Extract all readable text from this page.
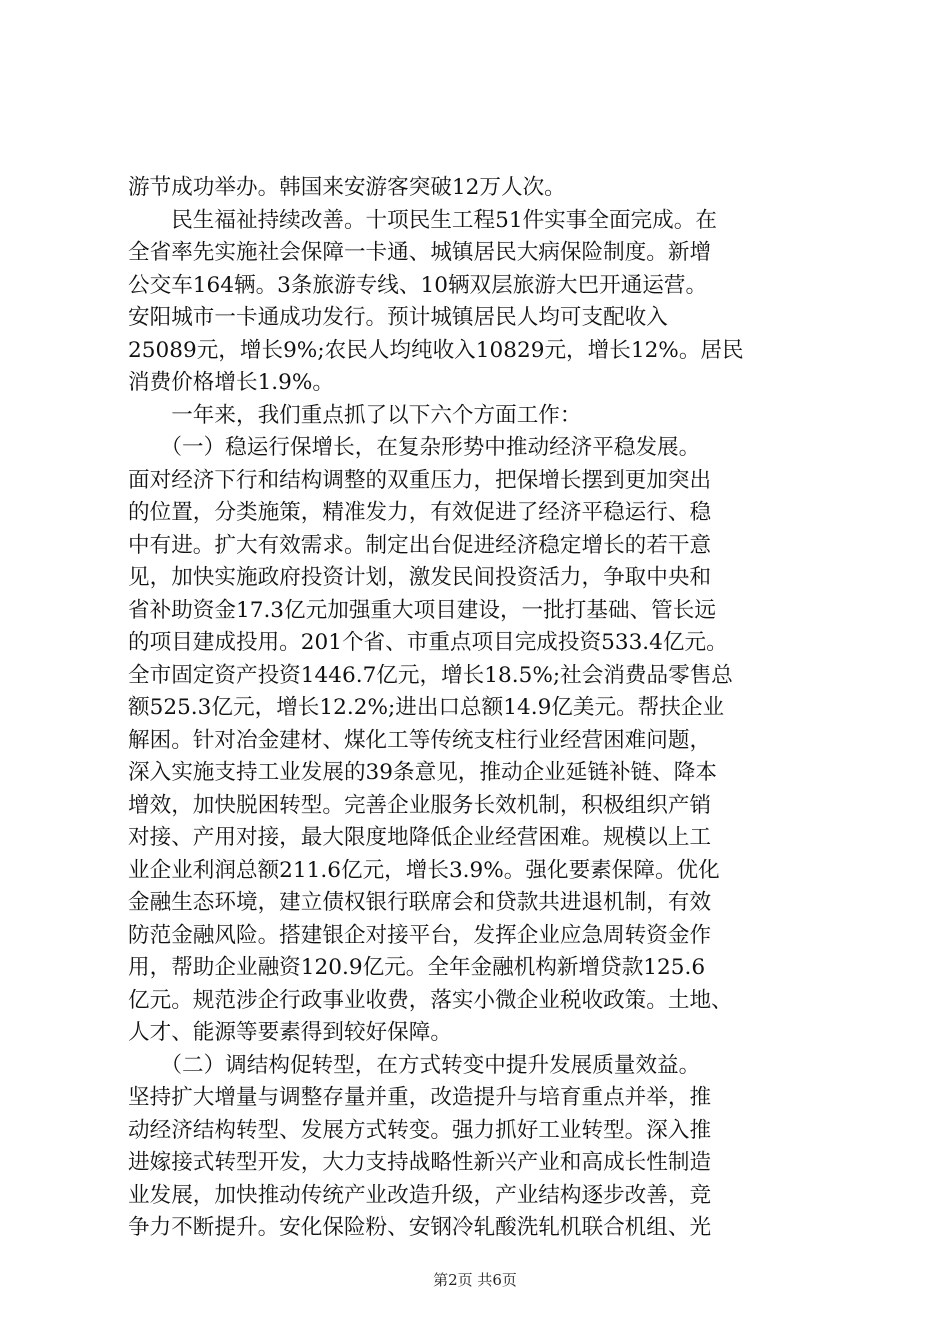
游节成功举办。韩国来安游客突破12万人次。
　　民生福祉持续改善。十项民生工程51件实事全面完成。在
全省率先实施社会保障一卡通、城镇居民大病保险制度。新增
公交车164辆。3条旅游专线、10辆双层旅游大巴开通运营。
安阳城市一卡通成功发行。预计城镇居民人均可支配收入
25089元，增长9%;农民人均纯收入10829元，增长12%。居民
消费价格增长1.9%。
　　一年来，我们重点抓了以下六个方面工作：
　　（一）稳运行保增长，在复杂形势中推动经济平稳发展。
面对经济下行和结构调整的双重压力，把保增长摆到更加突出
的位置，分类施策，精准发力，有效促进了经济平稳运行、稳
中有进。扩大有效需求。制定出台促进经济稳定增长的若干意
见，加快实施政府投资计划，激发民间投资活力，争取中央和
省补助资金17.3亿元加强重大项目建设，一批打基础、管长远
的项目建成投用。201个省、市重点项目完成投资533.4亿元。
全市固定资产投资1446.7亿元，增长18.5%;社会消费品零售总
额525.3亿元，增长12.2%;进出口总额14.9亿美元。帮扶企业
解困。针对冶金建材、煤化工等传统支柱行业经营困难问题，
深入实施支持工业发展的39条意见，推动企业延链补链、降本
增效，加快脱困转型。完善企业服务长效机制，积极组织产销
对接、产用对接，最大限度地降低企业经营困难。规模以上工
业企业利润总额211.6亿元，增长3.9%。强化要素保障。优化
金融生态环境，建立债权银行联席会和贷款共进退机制，有效
防范金融风险。搭建银企对接平台，发挥企业应急周转资金作
用，帮助企业融资120.9亿元。全年金融机构新增贷款125.6
亿元。规范涉企行政事业收费，落实小微企业税收政策。土地、
人才、能源等要素得到较好保障。
　　（二）调结构促转型，在方式转变中提升发展质量效益。
坚持扩大增量与调整存量并重，改造提升与培育重点并举，推
动经济结构转型、发展方式转变。强力抓好工业转型。深入推
进嫁接式转型开发，大力支持战略性新兴产业和高成长性制造
业发展，加快推动传统产业改造升级，产业结构逐步改善，竞
争力不断提升。安化保险粉、安钢冷轧酸洗轧机联合机组、光
第2页 共6页
